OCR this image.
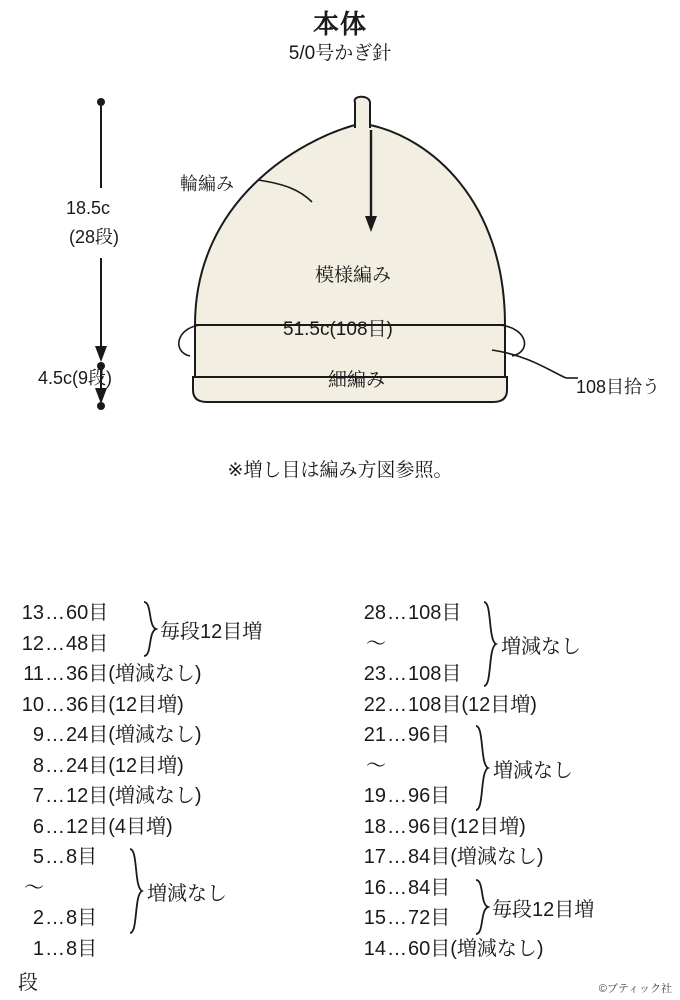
本体
5/0号かぎ針
輪編み
模様編み
51.5c(108目)
細編み	108目拾う
18.5c
(28段)
4.5c(9段)
※増し目は編み方図参照。
13 … 60目
12 … 48目
11 … 36目(増減なし)
10 … 36目(12目増)
9 … 24目(増減なし)
8 … 24目(12目増)
7 … 12目(増減なし)
6 … 12目(4目増)
5 … 8目
〜
2 … 8目
1 … 8目
毎段12目増
増減なし
段
28 … 108目
〜
23 … 108目
22 … 108目(12目増)
21 … 96目
〜
19 … 96目
18 … 96目(12目増)
17 … 84目(増減なし)
16 … 84目
15 … 72目
14 … 60目(増減なし)
増減なし
増減なし
毎段12目増
©ブティック社
